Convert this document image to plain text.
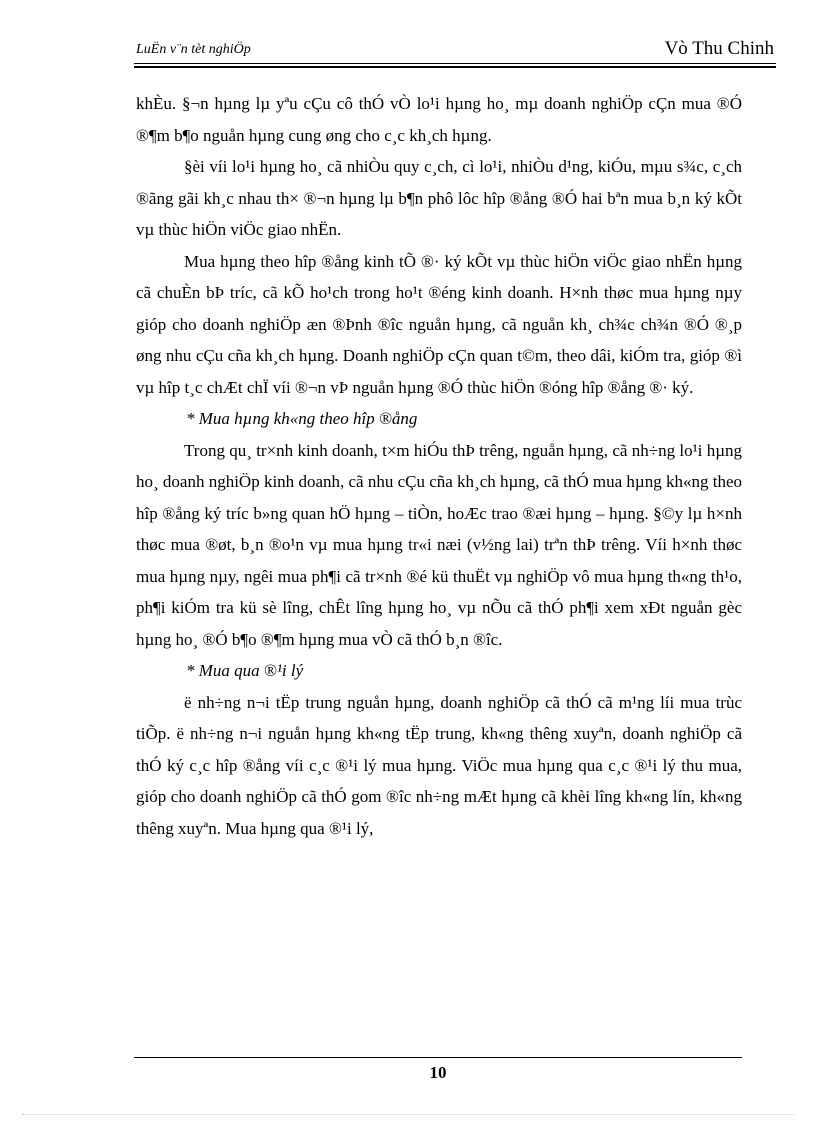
LuËn v¨n tèt nghiÖp	Vò Thu Chinh

khÈu. §¬n hµng lµ yªu cÇu cô thÓ vÒ lo¹i hµng ho¸ mµ doanh nghiÖp cÇn mua ®Ó ®¶m b¶o nguån hµng cung øng cho c¸c kh¸ch hµng.

§èi víi lo¹i hµng ho¸ cã nhiÒu quy c¸ch, cì lo¹i, nhiÒu d¹ng, kiÓu, mµu s¾c, c¸ch ®ãng gãi kh¸c nhau th× ®¬n hµng lµ b¶n phô lôc hîp ®ång ®Ó hai bªn mua b¸n ký kÕt vµ thùc hiÖn viÖc giao nhËn.

Mua hµng theo hîp ®ång kinh tÕ ®· ký kÕt vµ thùc hiÖn viÖc giao nhËn hµng cã chuÈn bÞ tríc, cã kÕ ho¹ch trong ho¹t ®éng kinh doanh. H×nh thøc mua hµng nµy gióp cho doanh nghiÖp æn ®Þnh ®îc nguån hµng, cã nguån kh¸ ch¾c ch¾n ®Ó ®¸p øng nhu cÇu cña kh¸ch hµng. Doanh nghiÖp cÇn quan t©m, theo dâi, kiÓm tra, gióp ®ì vµ hîp t¸c chÆt chÏ víi ®¬n vÞ nguån hµng ®Ó thùc hiÖn ®óng hîp ®ång ®· ký.

* Mua hµng kh«ng theo hîp ®ång

Trong qu¸ tr×nh kinh doanh, t×m hiÓu thÞ trêng, nguån hµng, cã nh÷ng lo¹i hµng ho¸ doanh nghiÖp kinh doanh, cã nhu cÇu cña kh¸ch hµng, cã thÓ mua hµng kh«ng theo hîp ®ång ký tríc b»ng quan hÖ hµng – tiÒn, hoÆc trao ®æi hµng – hµng. §©y lµ h×nh thøc mua ®øt, b¸n ®o¹n vµ mua hµng tr«i næi (v½ng lai) trªn thÞ trêng. Víi h×nh thøc mua hµng nµy, ngêi mua ph¶i cã tr×nh ®é kü thuËt vµ nghiÖp vô mua hµng th«ng th¹o, ph¶i kiÓm tra kü sè lîng, chÊt lîng hµng ho¸ vµ nÕu cã thÓ ph¶i xem xÐt nguån gèc hµng ho¸ ®Ó b¶o ®¶m hµng mua vÒ cã thÓ b¸n ®îc.

* Mua qua ®¹i lý

ë nh÷ng n¬i tËp trung nguån hµng, doanh nghiÖp cã thÓ cã m¹ng líi mua trùc tiÕp. ë nh÷ng n¬i nguån hµng kh«ng tËp trung, kh«ng thêng xuyªn, doanh nghiÖp cã thÓ ký c¸c hîp ®ång víi c¸c ®¹i lý mua hµng. ViÖc mua hµng qua c¸c ®¹i lý thu mua, gióp cho doanh nghiÖp cã thÓ gom ®îc nh÷ng mÆt hµng cã khèi lîng kh«ng lín, kh«ng thêng xuyªn. Mua hµng qua ®¹i lý,

10
